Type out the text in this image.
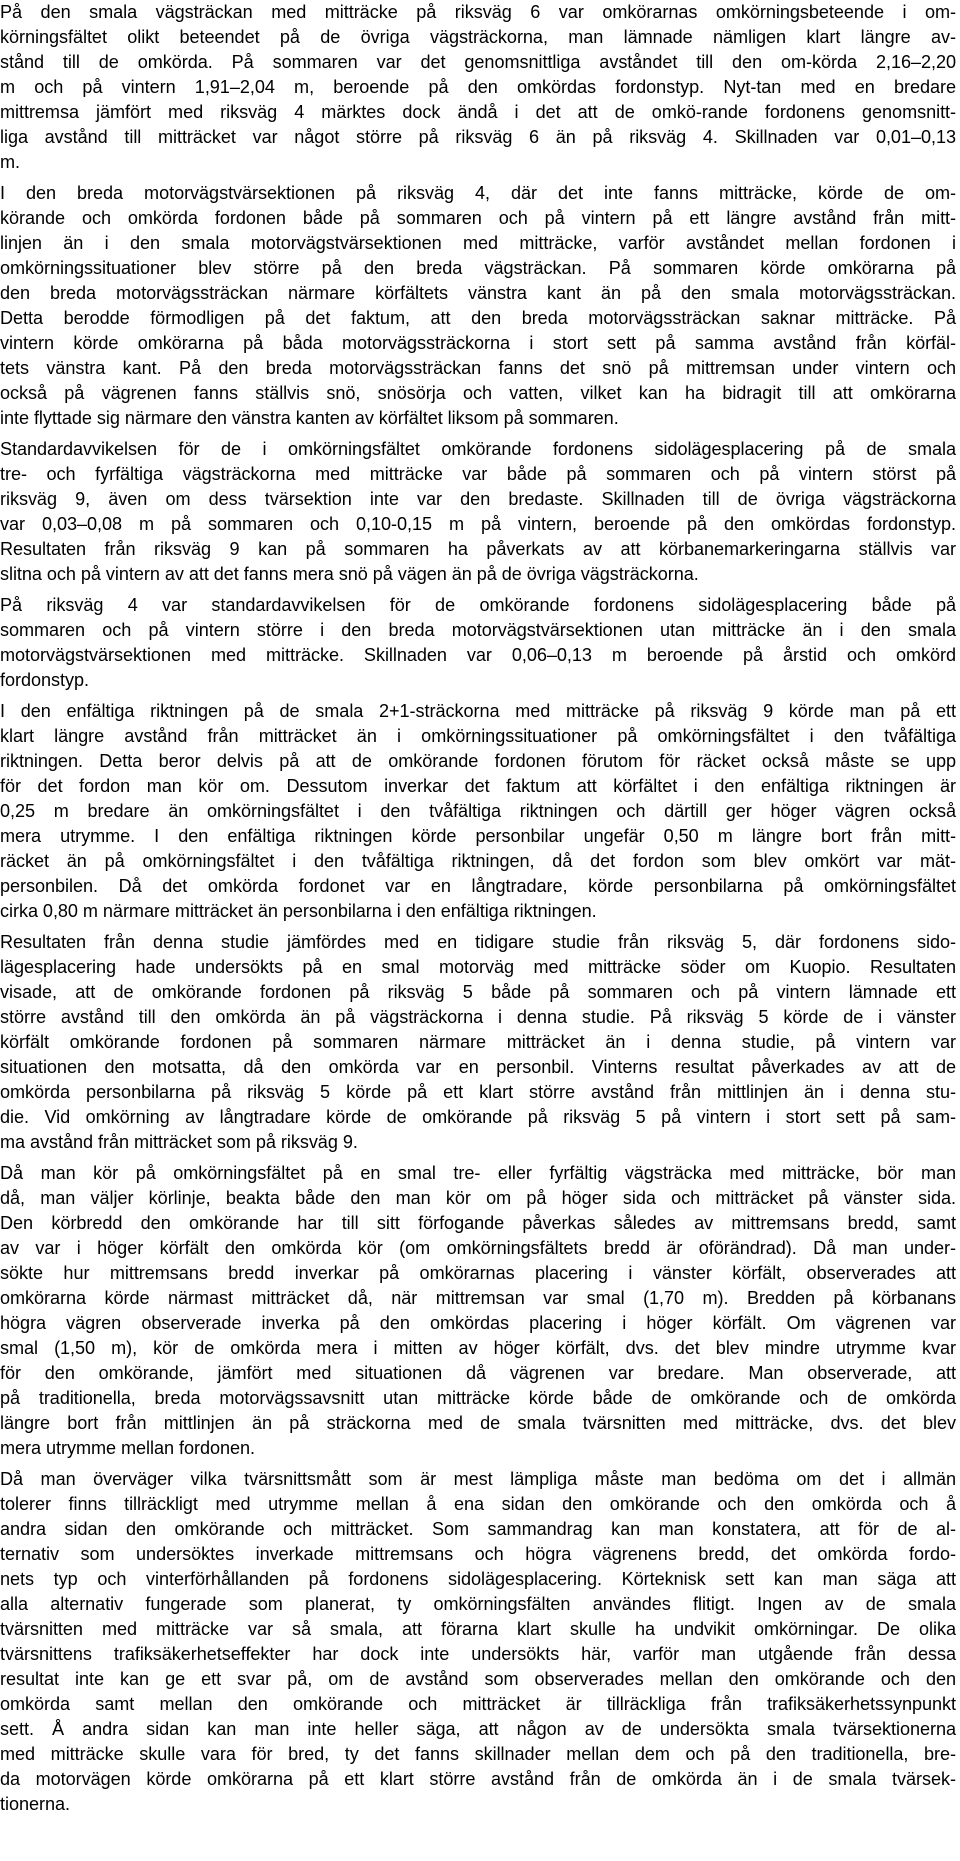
På den smala vägsträckan med mitträcke på riksväg 6 var omkörarnas omkörningsbeteende i om-
körningsfältet olikt beteendet på de övriga vägsträckorna, man lämnade nämligen klart längre av-
stånd till de omkörda. På sommaren var det genomsnittliga avståndet till den om-körda 2,16–2,20
m och på vintern 1,91–2,04 m, beroende på den omkördas fordonstyp. Nyt-tan med en bredare
mittremsa jämfört med riksväg 4 märktes dock ändå i det att de omkö-rande fordonens genomsnitt-
liga avstånd till mitträcket var något större på riksväg 6 än på riksväg 4. Skillnaden var 0,01–0,13
m.
I den breda motorvägstvärsektionen på riksväg 4, där det inte fanns mitträcke, körde de om-
körande och omkörda fordonen både på sommaren och på vintern på ett längre avstånd från mitt-
linjen än i den smala motorvägstvärsektionen med mitträcke, varför avståndet mellan fordonen i
omkörningssituationer blev större på den breda vägsträckan. På sommaren körde omkörarna på
den breda motorvägssträckan närmare körfältets vänstra kant än på den smala motorvägssträckan.
Detta berodde förmodligen på det faktum, att den breda motorvägssträckan saknar mitträcke. På
vintern körde omkörarna på båda motorvägssträckorna i stort sett på samma avstånd från körfäl-
tets vänstra kant. På den breda motorvägssträckan fanns det snö på mittremsan under vintern och
också på vägrenen fanns ställvis snö, snösörja och vatten, vilket kan ha bidragit till att omkörarna
inte flyttade sig närmare den vänstra kanten av körfältet liksom på sommaren.
Standardavvikelsen för de i omkörningsfältet omkörande fordonens sidolägesplacering på de smala
tre- och fyrfältiga vägsträckorna med mitträcke var både på sommaren och på vintern störst på
riksväg 9, även om dess tvärsektion inte var den bredaste. Skillnaden till de övriga vägsträckorna
var 0,03–0,08 m på sommaren och 0,10-0,15 m på vintern, beroende på den omkördas fordonstyp.
Resultaten från riksväg 9 kan på sommaren ha påverkats av att körbanemarkeringarna ställvis var
slitna och på vintern av att det fanns mera snö på vägen än på de övriga vägsträckorna.
På riksväg 4 var standardavvikelsen för de omkörande fordonens sidolägesplacering både på
sommaren och på vintern större i den breda motorvägstvärsektionen utan mitträcke än i den smala
motorvägstvärsektionen med mitträcke. Skillnaden var 0,06–0,13 m beroende på årstid och omkörd
fordonstyp.
I den enfältiga riktningen på de smala 2+1-sträckorna med mitträcke på riksväg 9 körde man på ett
klart längre avstånd från mitträcket än i omkörningssituationer på omkörningsfältet i den tvåfältiga
riktningen. Detta beror delvis på att de omkörande fordonen förutom för räcket också måste se upp
för det fordon man kör om. Dessutom inverkar det faktum att körfältet i den enfältiga riktningen är
0,25 m bredare än omkörningsfältet i den tvåfältiga riktningen och därtill ger höger vägren också
mera utrymme. I den enfältiga riktningen körde personbilar ungefär 0,50 m längre bort från mitt-
räcket än på omkörningsfältet i den tvåfältiga riktningen, då det fordon som blev omkört var mät-
personbilen. Då det omkörda fordonet var en långtradare, körde personbilarna på omkörningsfältet
cirka 0,80 m närmare mitträcket än personbilarna i den enfältiga riktningen.
Resultaten från denna studie jämfördes med en tidigare studie från riksväg 5, där fordonens sido-
lägesplacering hade undersökts på en smal motorväg med mitträcke söder om Kuopio. Resultaten
visade, att de omkörande fordonen på riksväg 5 både på sommaren och på vintern lämnade ett
större avstånd till den omkörda än på vägsträckorna i denna studie. På riksväg 5 körde de i vänster
körfält omkörande fordonen på sommaren närmare mitträcket än i denna studie, på vintern var
situationen den motsatta, då den omkörda var en personbil. Vinterns resultat påverkades av att de
omkörda personbilarna på riksväg 5 körde på ett klart större avstånd från mittlinjen än i denna stu-
die. Vid omkörning av långtradare körde de omkörande på riksväg 5 på vintern i stort sett på sam-
ma avstånd från mitträcket som på riksväg 9.
Då man kör på omkörningsfältet på en smal tre- eller fyrfältig vägsträcka med mitträcke, bör man
då, man väljer körlinje, beakta både den man kör om på höger sida och mitträcket på vänster sida.
Den körbredd den omkörande har till sitt förfogande påverkas således av mittremsans bredd, samt
av var i höger körfält den omkörda kör (om omkörningsfältets bredd är oförändrad). Då man under-
sökte hur mittremsans bredd inverkar på omkörarnas placering i vänster körfält, observerades att
omkörarna körde närmast mitträcket då, när mittremsan var smal (1,70 m). Bredden på körbanans
högra vägren observerade inverka på den omkördas placering i höger körfält. Om vägrenen var
smal (1,50 m), kör de omkörda mera i mitten av höger körfält, dvs. det blev mindre utrymme kvar
för den omkörande, jämfört med situationen då vägrenen var bredare. Man observerade, att
på traditionella, breda motorvägssavsnitt utan mitträcke körde både de omkörande och de omkörda
längre bort från mittlinjen än på sträckorna med de smala tvärsnitten med mitträcke, dvs. det blev
mera utrymme mellan fordonen.
Då man överväger vilka tvärsnittsmått som är mest lämpliga måste man bedöma om det i allmän
tolerer finns tillräckligt med utrymme mellan å ena sidan den omkörande och den omkörda och å
andra sidan den omkörande och mitträcket. Som sammandrag kan man konstatera, att för de al-
ternativ som undersöktes inverkade mittremsans och högra vägrenens bredd, det omkörda fordo-
nets typ och vinterförhållanden på fordonens sidolägesplacering. Körteknisk sett kan man säga att
alla alternativ fungerade som planerat, ty omkörningsfälten användes flitigt. Ingen av de smala
tvärsnitten med mitträcke var så smala, att förarna klart skulle ha undvikit omkörningar. De olika
tvärsnittens trafiksäkerhetseffekter har dock inte undersökts här, varför man utgående från dessa
resultat inte kan ge ett svar på, om de avstånd som observerades mellan den omkörande och den
omkörda samt mellan den omkörande och mitträcket är tillräckliga från trafiksäkerhetssynpunkt
sett. Å andra sidan kan man inte heller säga, att någon av de undersökta smala tvärsektionerna
med mitträcke skulle vara för bred, ty det fanns skillnader mellan dem och på den traditionella, bre-
da motorvägen körde omkörarna på ett klart större avstånd från de omkörda än i de smala tvärsek-
tionerna.
